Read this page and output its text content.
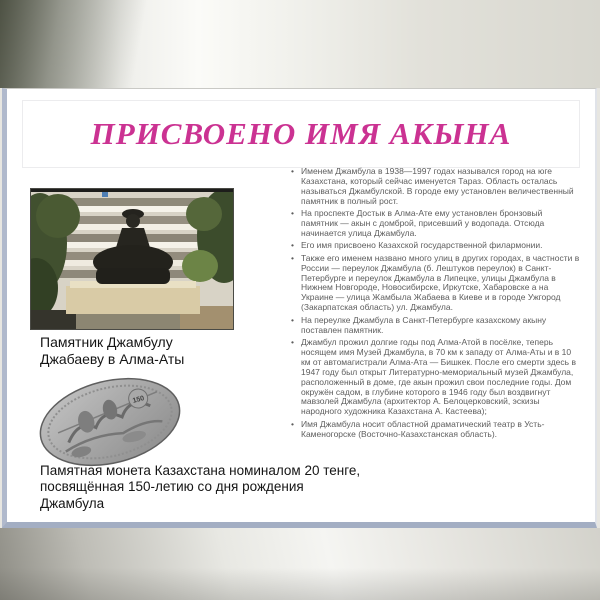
ПРИСВОЕНО ИМЯ АКЫНА
Памятник Джамбулу Джабаеву в Алма-Аты
150
Памятная монета Казахстана номиналом 20 тенге, посвящённая 150-летию со дня рождения Джамбула
• Именем Джамбула в 1938—1997 годах назывался город на юге Казахстана, который сейчас именуется Тараз. Область осталась называться Джамбулской. В городе ему установлен величественный памятник в полный рост.
• На проспекте Достык в Алма-Ате ему установлен бронзовый памятник — акын с домброй, присевший у водопада. Отсюда начинается улица Джамбула.
• Его имя присвоено Казахской государственной филармонии.
• Также его именем названо много улиц в других городах, в частности в России — переулок Джамбула (б. Лештуков переулок) в Санкт-Петербурге и переулок Джамбула в Липецке, улицы Джамбула в Нижнем Новгороде, Новосибирске, Иркутске, Хабаровске а на Украине — улица Жамбыла Жабаева в Киеве и в городе Ужгород (Закарпатская область) ул. Джамбула.
• На переулке Джамбула в Санкт-Петербурге казахскому акыну поставлен памятник.
• Джамбул прожил долгие годы под Алма-Атой в посёлке, теперь носящем имя Музей Джамбула, в 70 км к западу от Алма-Аты и в 10 км от автомагистрали Алма-Ата — Бишкек. После его смерти здесь в 1947 году был открыт Литературно-мемориальный музей Джамбула, расположенный в доме, где акын прожил свои последние годы. Дом окружён садом, в глубине которого в 1946 году был воздвигнут мавзолей Джамбула (архитектор А. Белоцерковский, эскизы народного художника Казахстана А. Кастеева);
• Имя Джамбула носит областной драматический театр в Усть-Каменогорске (Восточно-Казахстанская область).
